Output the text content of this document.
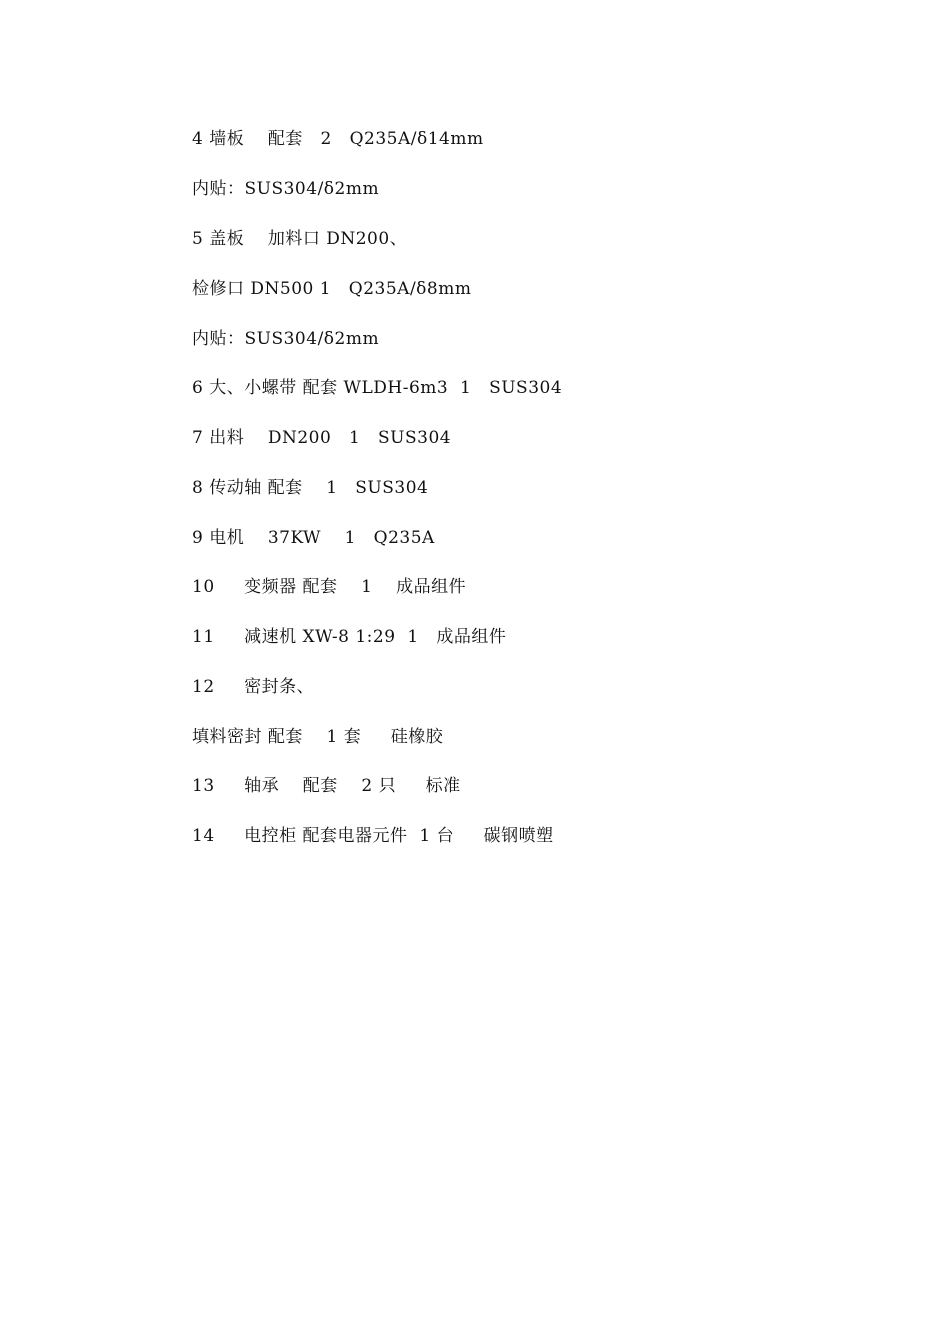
4 墙板    配套   2   Q235A/δ14mm
内贴：SUS304/δ2mm
5 盖板    加料口 DN200、
检修口 DN500 1   Q235A/δ8mm
内贴：SUS304/δ2mm
6 大、小螺带 配套 WLDH-6m3  1   SUS304
7 出料    DN200   1   SUS304
8 传动轴 配套    1   SUS304
9 电机    37KW    1   Q235A
10     变频器 配套    1    成品组件
11     减速机 XW-8 1:29  1   成品组件
12     密封条、
填料密封 配套    1 套     硅橡胶
13     轴承    配套    2 只     标准
14     电控柜 配套电器元件  1 台     碳钢喷塑
